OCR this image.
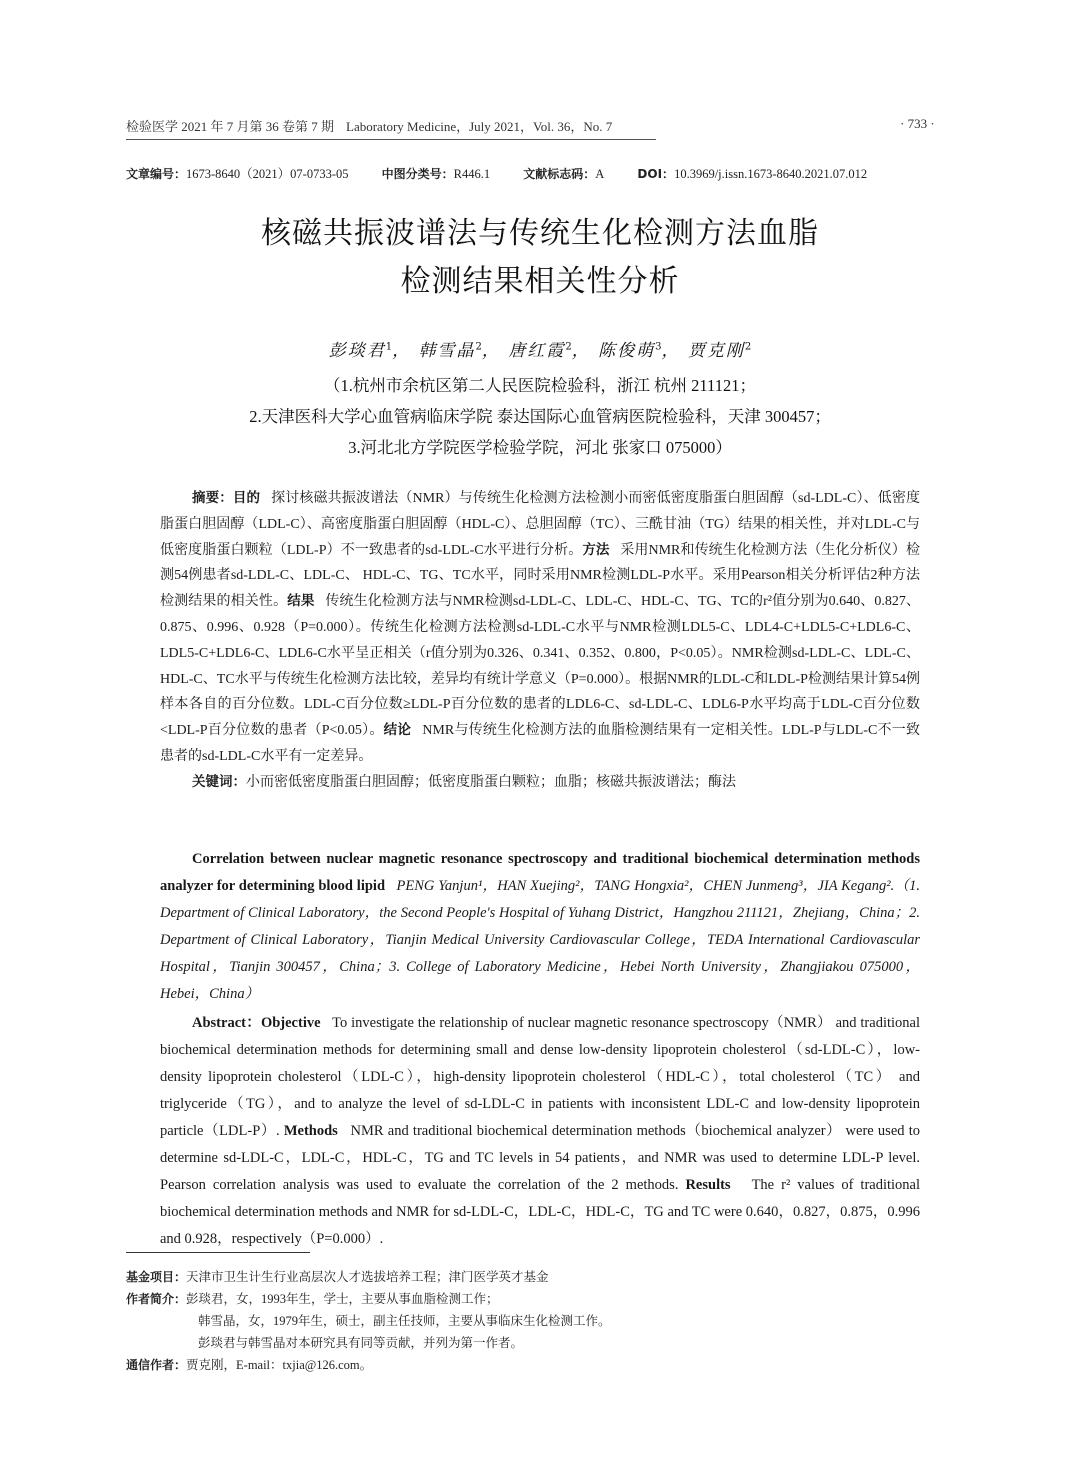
检验医学 2021 年 7 月第 36 卷第 7 期 Laboratory Medicine，July 2021，Vol. 36，No. 7	· 733 ·
文章编号：1673-8640（2021）07-0733-05	中图分类号：R446.1	文献标志码：A	DOI：10.3969/j.issn.1673-8640.2021.07.012
核磁共振波谱法与传统生化检测方法血脂
检测结果相关性分析
彭琰君$^1$， 韩雪晶$^2$， 唐红霞$^2$， 陈俊萌$^3$， 贾克刚$^2$
（1.杭州市余杭区第二人民医院检验科，浙江 杭州 211121；
2.天津医科大学心血管病临床学院 泰达国际心血管病医院检验科，天津 300457；
3.河北北方学院医学检验学院，河北 张家口 075000）

摘要：目的 探讨核磁共振波谱法（NMR）与传统生化检测方法检测小而密低密度脂蛋白胆固醇（sd-LDL-C）、低密度脂蛋白胆固醇（LDL-C）、高密度脂蛋白胆固醇（HDL-C）、总胆固醇（TC）、三酰甘油（TG）结果的相关性，并对LDL-C与低密度脂蛋白颗粒（LDL-P）不一致患者的sd-LDL-C水平进行分析。方法 采用NMR和传统生化检测方法（生化分析仪）检测54例患者sd-LDL-C、LDL-C、 HDL-C、TG、TC水平，同时采用NMR检测LDL-P水平。采用Pearson相关分析评估2种方法检测结果的相关性。结果 传统生化检测方法与NMR检测sd-LDL-C、LDL-C、HDL-C、TG、TC的r²值分别为0.640、0.827、0.875、0.996、0.928（P=0.000）。传统生化检测方法检测sd-LDL-C水平与NMR检测LDL5-C、LDL4-C+LDL5-C+LDL6-C、LDL5-C+LDL6-C、LDL6-C水平呈正相关（r值分别为0.326、0.341、0.352、0.800，P<0.05）。NMR检测sd-LDL-C、LDL-C、HDL-C、TC水平与传统生化检测方法比较，差异均有统计学意义（P=0.000）。根据NMR的LDL-C和LDL-P检测结果计算54例样本各自的百分位数。LDL-C百分位数≥LDL-P百分位数的患者的LDL6-C、sd-LDL-C、LDL6-P水平均高于LDL-C百分位数<LDL-P百分位数的患者（P<0.05）。结论 NMR与传统生化检测方法的血脂检测结果有一定相关性。LDL-P与LDL-C不一致患者的sd-LDL-C水平有一定差异。

关键词：小而密低密度脂蛋白胆固醇；低密度脂蛋白颗粒；血脂；核磁共振波谱法；酶法

Correlation between nuclear magnetic resonance spectroscopy and traditional biochemical determination methods analyzer for determining blood lipid PENG Yanjun¹，HAN Xuejing²，TANG Hongxia²，CHEN Junmeng³，JIA Kegang².（1. Department of Clinical Laboratory，the Second People's Hospital of Yuhang District，Hangzhou 211121，Zhejiang，China；2. Department of Clinical Laboratory，Tianjin Medical University Cardiovascular College，TEDA International Cardiovascular Hospital，Tianjin 300457，China；3. College of Laboratory Medicine，Hebei North University，Zhangjiakou 075000，Hebei，China）

Abstract：Objective To investigate the relationship of nuclear magnetic resonance spectroscopy（NMR） and traditional biochemical determination methods for determining small and dense low-density lipoprotein cholesterol（sd-LDL-C），low-density lipoprotein cholesterol（LDL-C），high-density lipoprotein cholesterol（HDL-C），total cholesterol（TC） and triglyceride（TG），and to analyze the level of sd-LDL-C in patients with inconsistent LDL-C and low-density lipoprotein particle（LDL-P）. Methods NMR and traditional biochemical determination methods（biochemical analyzer） were used to determine sd-LDL-C，LDL-C，HDL-C，TG and TC levels in 54 patients，and NMR was used to determine LDL-P level. Pearson correlation analysis was used to evaluate the correlation of the 2 methods. Results The r² values of traditional biochemical determination methods and NMR for sd-LDL-C，LDL-C，HDL-C，TG and TC were 0.640，0.827，0.875，0.996 and 0.928，respectively（P=0.000）.

基金项目：天津市卫生计生行业高层次人才选拔培养工程；津门医学英才基金
作者简介：彭琰君，女，1993年生，学士，主要从事血脂检测工作；
韩雪晶，女，1979年生，硕士，副主任技师，主要从事临床生化检测工作。
彭琰君与韩雪晶对本研究具有同等贡献，并列为第一作者。
通信作者：贾克刚，E-mail：txjia@126.com。
